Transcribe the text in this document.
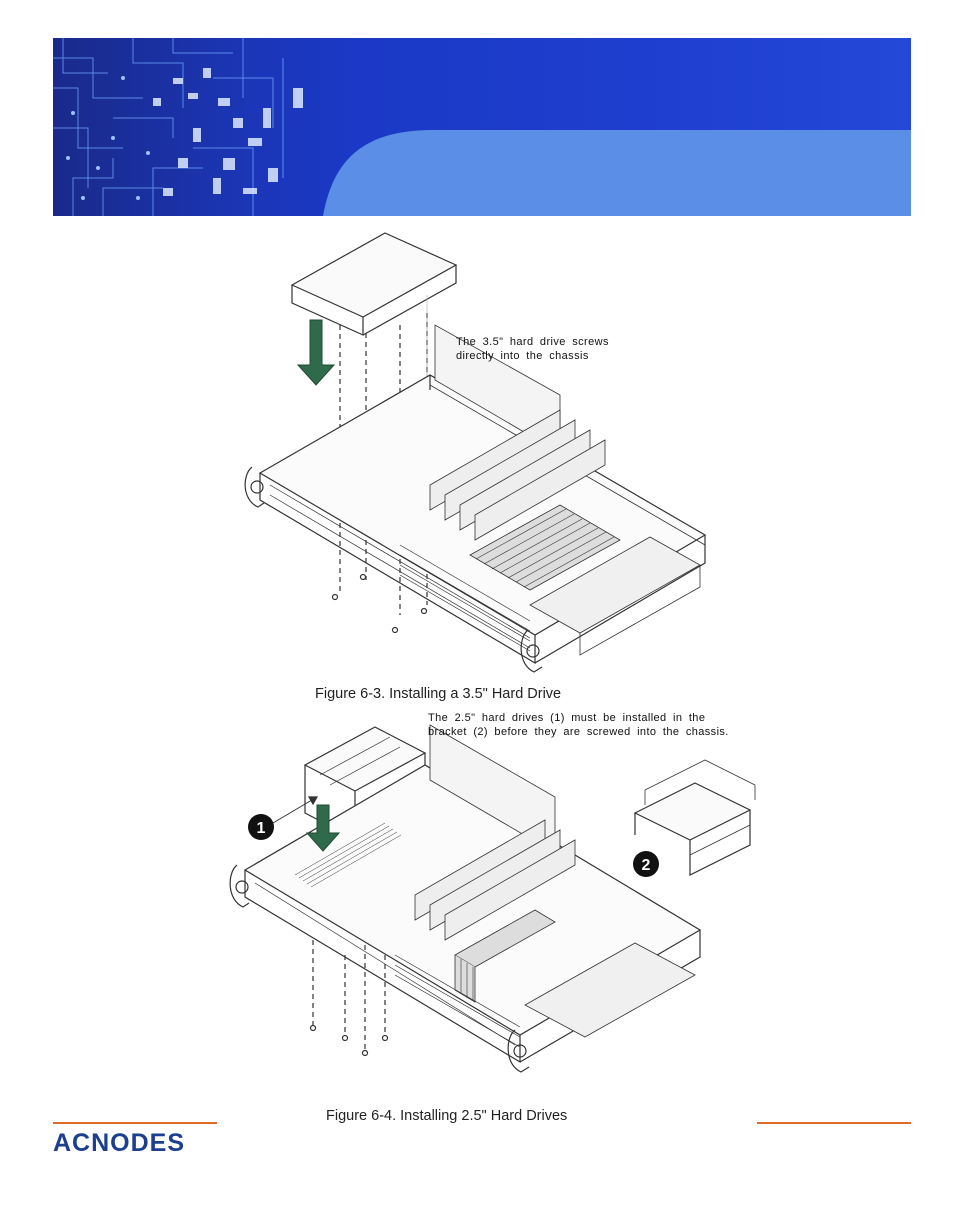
The 3.5" hard drive screws directly into the chassis
Figure 6-3. Installing a 3.5" Hard Drive
1
2
The 2.5" hard drives (1) must be installed in the bracket (2) before they are screwed into the chassis.
Figure 6-4. Installing 2.5" Hard Drives
ACNODES
